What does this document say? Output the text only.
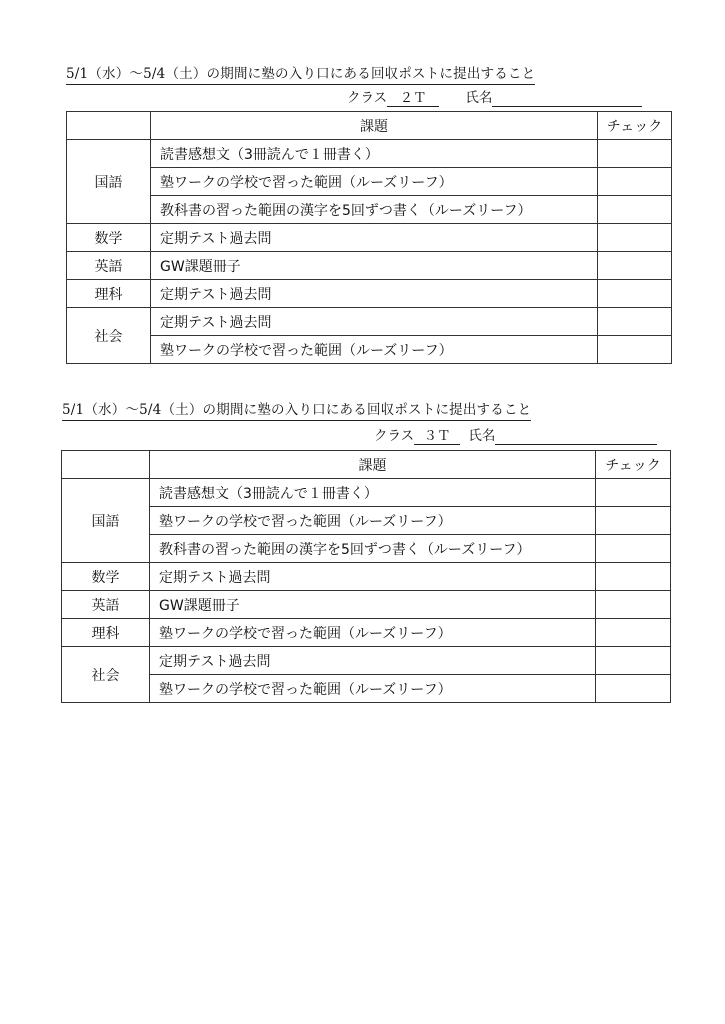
5/1（水）～5/4（土）の期間に塾の入り口にある回収ポストに提出すること
クラス ２Ｔ	氏名
	課題	チェック
国語	読書感想文（3冊読んで１冊書く）	
	塾ワークの学校で習った範囲（ルーズリーフ）	
	教科書の習った範囲の漢字を5回ずつ書く（ルーズリーフ）	
数学	定期テスト過去問	
英語	GW課題冊子	
理科	定期テスト過去問	
社会	定期テスト過去問	
	塾ワークの学校で習った範囲（ルーズリーフ）	
5/1（水）～5/4（土）の期間に塾の入り口にある回収ポストに提出すること
クラス ３Ｔ 氏名
	課題	チェック
国語	読書感想文（3冊読んで１冊書く）	
	塾ワークの学校で習った範囲（ルーズリーフ）	
	教科書の習った範囲の漢字を5回ずつ書く（ルーズリーフ）	
数学	定期テスト過去問	
英語	GW課題冊子	
理科	塾ワークの学校で習った範囲（ルーズリーフ）	
社会	定期テスト過去問	
	塾ワークの学校で習った範囲（ルーズリーフ）	
